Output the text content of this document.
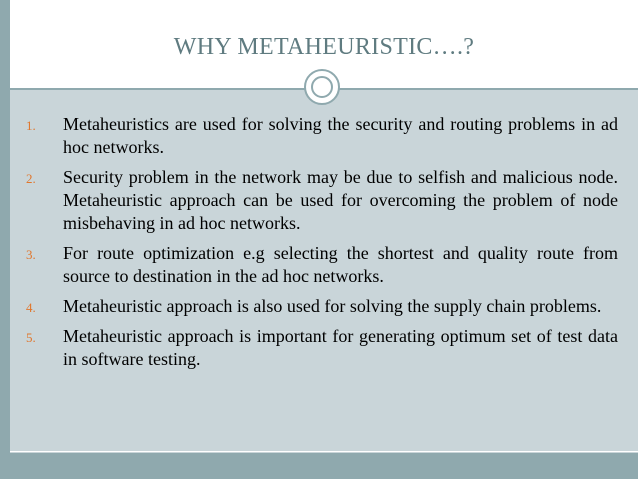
WHY METAHEURISTIC….?
1. Metaheuristics are used for solving the security and routing problems in ad hoc networks.
2. Security problem in the network may be due to selfish and malicious node. Metaheuristic approach can be used for overcoming the problem of node misbehaving in ad hoc networks.
3. For route optimization e.g selecting the shortest and quality route from source to destination in the ad hoc networks.
4. Metaheuristic approach is also used for solving the supply chain problems.
5. Metaheuristic approach is important for generating optimum set of test data in software testing.
